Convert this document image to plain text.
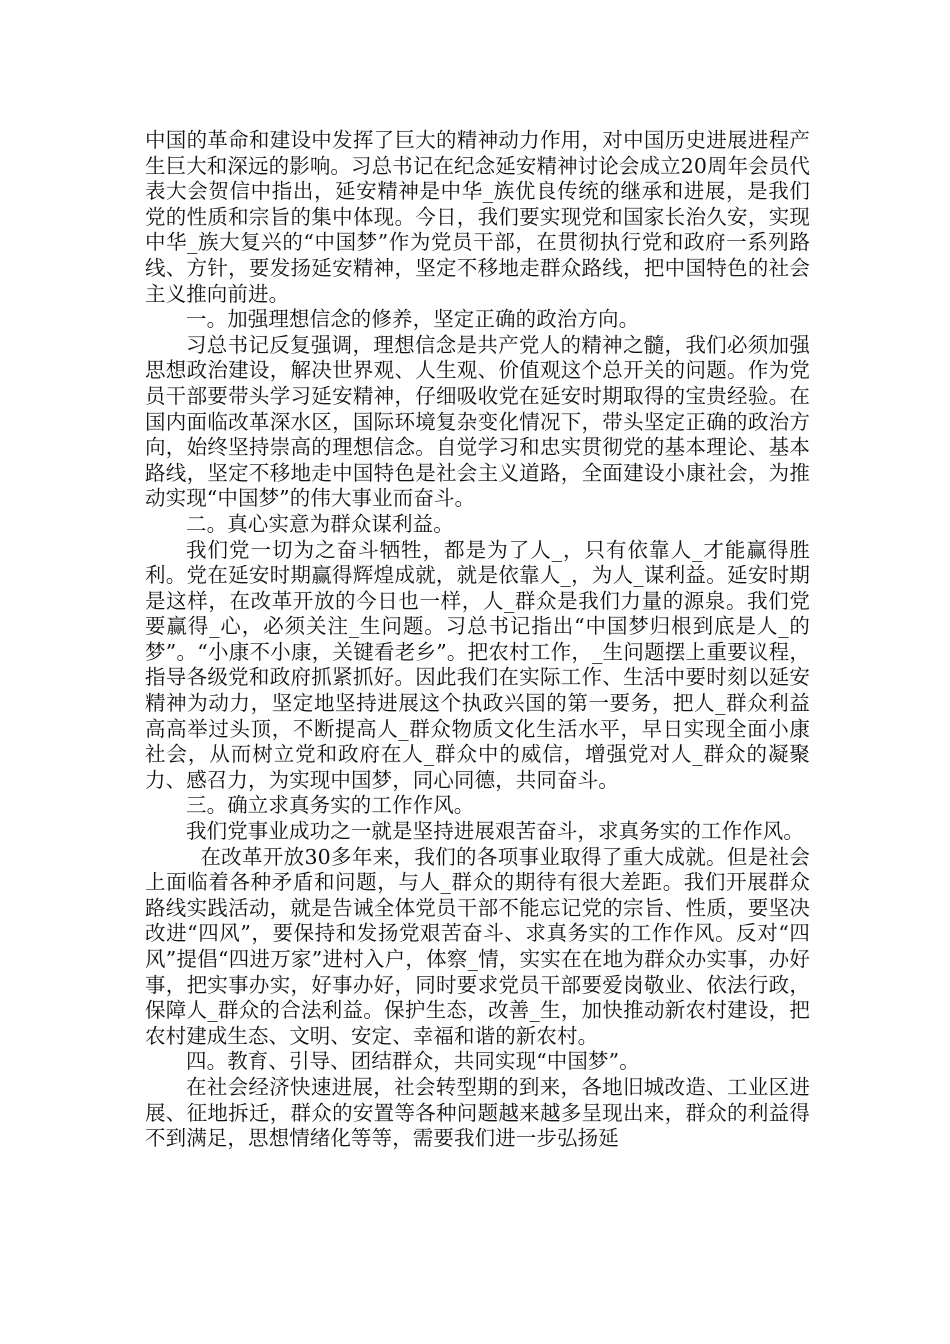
中国的革命和建设中发挥了巨大的精神动力作用，对中国历史进展进程产生巨大和深远的影响。习总书记在纪念延安精神讨论会成立20周年会员代表大会贺信中指出，延安精神是中华_族优良传统的继承和进展，是我们党的性质和宗旨的集中体现。今日，我们要实现党和国家长治久安，实现中华_族大复兴的“中国梦”作为党员干部，在贯彻执行党和政府一系列路线、方针，要发扬延安精神，坚定不移地走群众路线，把中国特色的社会主义推向前进。

一。加强理想信念的修养，坚定正确的政治方向。

习总书记反复强调，理想信念是共产党人的精神之髓，我们必须加强思想政治建设，解决世界观、人生观、价值观这个总开关的问题。作为党员干部要带头学习延安精神，仔细吸收党在延安时期取得的宝贵经验。在国内面临改革深水区，国际环境复杂变化情况下，带头坚定正确的政治方向，始终坚持崇高的理想信念。自觉学习和忠实贯彻党的基本理论、基本路线，坚定不移地走中国特色是社会主义道路，全面建设小康社会，为推动实现“中国梦”的伟大事业而奋斗。

二。真心实意为群众谋利益。

我们党一切为之奋斗牺牲，都是为了人_，只有依靠人_才能赢得胜利。党在延安时期赢得辉煌成就，就是依靠人_，为人_谋利益。延安时期是这样，在改革开放的今日也一样，人_群众是我们力量的源泉。我们党要赢得_心，必须关注_生问题。习总书记指出“中国梦归根到底是人_的梦”。“小康不小康，关键看老乡”。把农村工作，_生问题摆上重要议程，指导各级党和政府抓紧抓好。因此我们在实际工作、生活中要时刻以延安精神为动力，坚定地坚持进展这个执政兴国的第一要务，把人_群众利益高高举过头顶，不断提高人_群众物质文化生活水平，早日实现全面小康社会，从而树立党和政府在人_群众中的威信，增强党对人_群众的凝聚力、感召力，为实现中国梦，同心同德，共同奋斗。

三。确立求真务实的工作作风。

我们党事业成功之一就是坚持进展艰苦奋斗，求真务实的工作作风。

在改革开放30多年来，我们的各项事业取得了重大成就。但是社会上面临着各种矛盾和问题，与人_群众的期待有很大差距。我们开展群众路线实践活动，就是告诫全体党员干部不能忘记党的宗旨、性质，要坚决改进“四风”，要保持和发扬党艰苦奋斗、求真务实的工作作风。反对“四风”提倡“四进万家”进村入户，体察_情，实实在在地为群众办实事，办好事，把实事办实，好事办好，同时要求党员干部要爱岗敬业、依法行政，保障人_群众的合法利益。保护生态，改善_生，加快推动新农村建设，把农村建成生态、文明、安定、幸福和谐的新农村。

四。教育、引导、团结群众，共同实现“中国梦”。

在社会经济快速进展，社会转型期的到来，各地旧城改造、工业区进展、征地拆迁，群众的安置等各种问题越来越多呈现出来，群众的利益得不到满足，思想情绪化等等，需要我们进一步弘扬延
